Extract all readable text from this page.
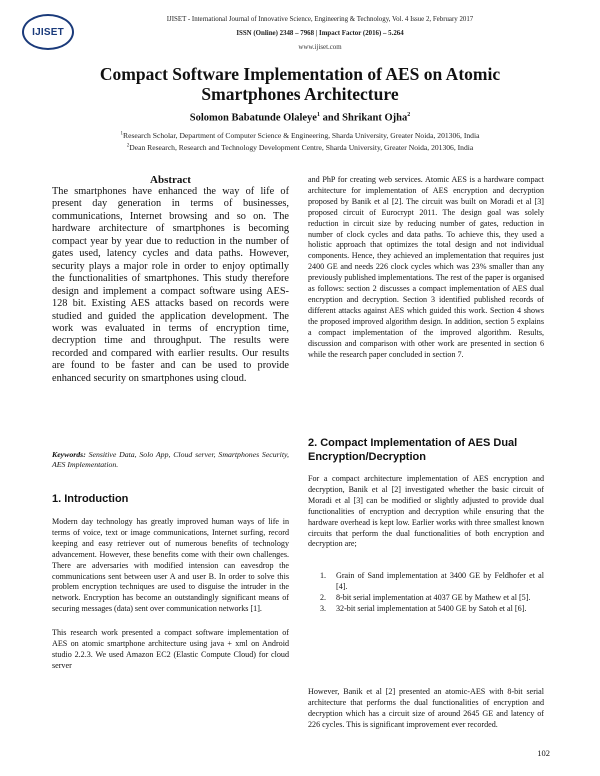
IJISET
IJISET - International Journal of Innovative Science, Engineering & Technology, Vol. 4 Issue 2, February 2017
ISSN (Online) 2348 – 7968 | Impact Factor (2016) – 5.264
www.ijiset.com
Compact Software Implementation of AES on Atomic
Smartphones Architecture
Solomon Babatunde Olaleye$^1$ and Shrikant Ojha$^2$
$^1$Research Scholar, Department of Computer Science & Engineering, Sharda University, Greater Noida, 201306, India
$^2$Dean Research, Research and Technology Development Centre, Sharda University, Greater Noida, 201306, India
Abstract
The smartphones have enhanced the way of life of present day generation in terms of businesses, communications, Internet browsing and so on. The hardware architecture of smartphones is becoming compact year by year due to reduction in the number of gates used, latency cycles and data paths. However, security plays a major role in order to enjoy optimally the functionalities of smartphones. This study therefore design and implement a compact software using AES-128 bit. Existing AES attacks based on records were studied and guided the application development. The work was evaluated in terms of encryption time, decryption time and throughput. The results were recorded and compared with earlier results. Our results are found to be faster and can be used to provide enhanced security on smartphones using cloud.
Keywords: Sensitive Data, Solo App, Cloud server, Smartphones Security, AES Implementation.
1. Introduction
Modern day technology has greatly improved human ways of life in terms of voice, text or image communications, Internet surfing, record keeping and easy retriever out of numerous benefits of technology advancement. However, these benefits come with their own challenges. There are adversaries with modified intension can eavesdrop the communications sent between user A and user B. In order to solve this problem encryption techniques are used to disguise the intruder in the network. Encryption has become an outstandingly significant means of securing messages (data) sent over communication networks [1].
This research work presented a compact software implementation of AES on atomic smartphone architecture using java + xml on Android studio 2.2.3. We used Amazon EC2 (Elastic Compute Cloud) for cloud server
and PhP for creating web services. Atomic AES is a hardware compact architecture for implementation of AES encryption and decryption proposed by Banik et al [2]. The circuit was built on Moradi et al [3] proposed circuit of Eurocrypt 2011. The design goal was solely reduction in circuit size by reducing number of gates, reduction in number of clock cycles and data paths. To achieve this, they used a holistic approach that optimizes the total design and not individual components. Hence, they achieved an implementation that requires just 2400 GE and needs 226 clock cycles which was 23% smaller than any previously published implementations. The rest of the paper is organised as follows: section 2 discusses a compact implementation of AES dual encryption and decryption. Section 3 identified published records of different attacks against AES which guided this work. Section 4 shows the proposed improved algorithm design. In addition, section 5 explains a compact implementation of the improved algorithm. Results, discussion and comparison with other work are presented in section 6 while the research paper concluded in section 7.
2. Compact Implementation of AES Dual Encryption/Decryption
For a compact architecture implementation of AES encryption and decryption, Banik et al [2] investigated whether the basic circuit of Moradi et al [3] can be modified or slightly adjusted to provide dual functionalities of encryption and decryption while ensuring that the hardware overhead is kept low. Earlier works with three smallest known circuits that perform the dual functionalities of both encryption and decryption are;
1. Grain of Sand implementation at 3400 GE by Feldhofer et al [4].
2. 8-bit serial implementation at 4037 GE by Mathew et al [5].
3. 32-bit serial implementation at 5400 GE by Satoh et al [6].
However, Banik et al [2] presented an atomic-AES with 8-bit serial architecture that performs the dual functionalities of encryption and decryption which has a circuit size of around 2645 GE and latency of 226 cycles. This is significant improvement ever recorded.
102
